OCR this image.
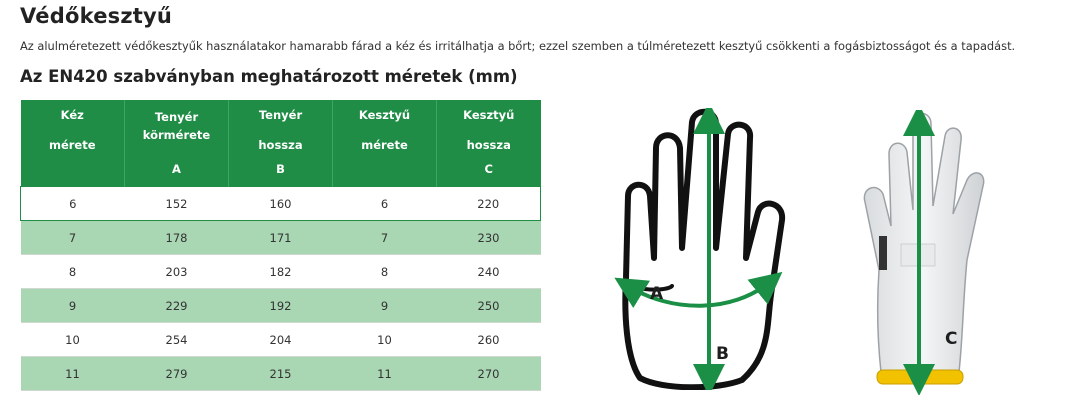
Védőkesztyű
Az alulméretezett védőkesztyűk használatakor hamarabb fárad a kéz és irritálhatja a bőrt; ezzel szemben a túlméretezett kesztyű csökkenti a fogásbiztosságot és a tapadást.
Az EN420 szabványban meghatározott méretek (mm)
Kéz
mérete	Tenyér
körmérete
A	Tenyér
hossza
B	Kesztyű
mérete	Kesztyű
hossza
C

6	152	160	6	220
7	178	171	7	230
8	203	182	8	240
9	229	192	9	250
10	254	204	10	260
11	279	215	11	270
A
B
C
